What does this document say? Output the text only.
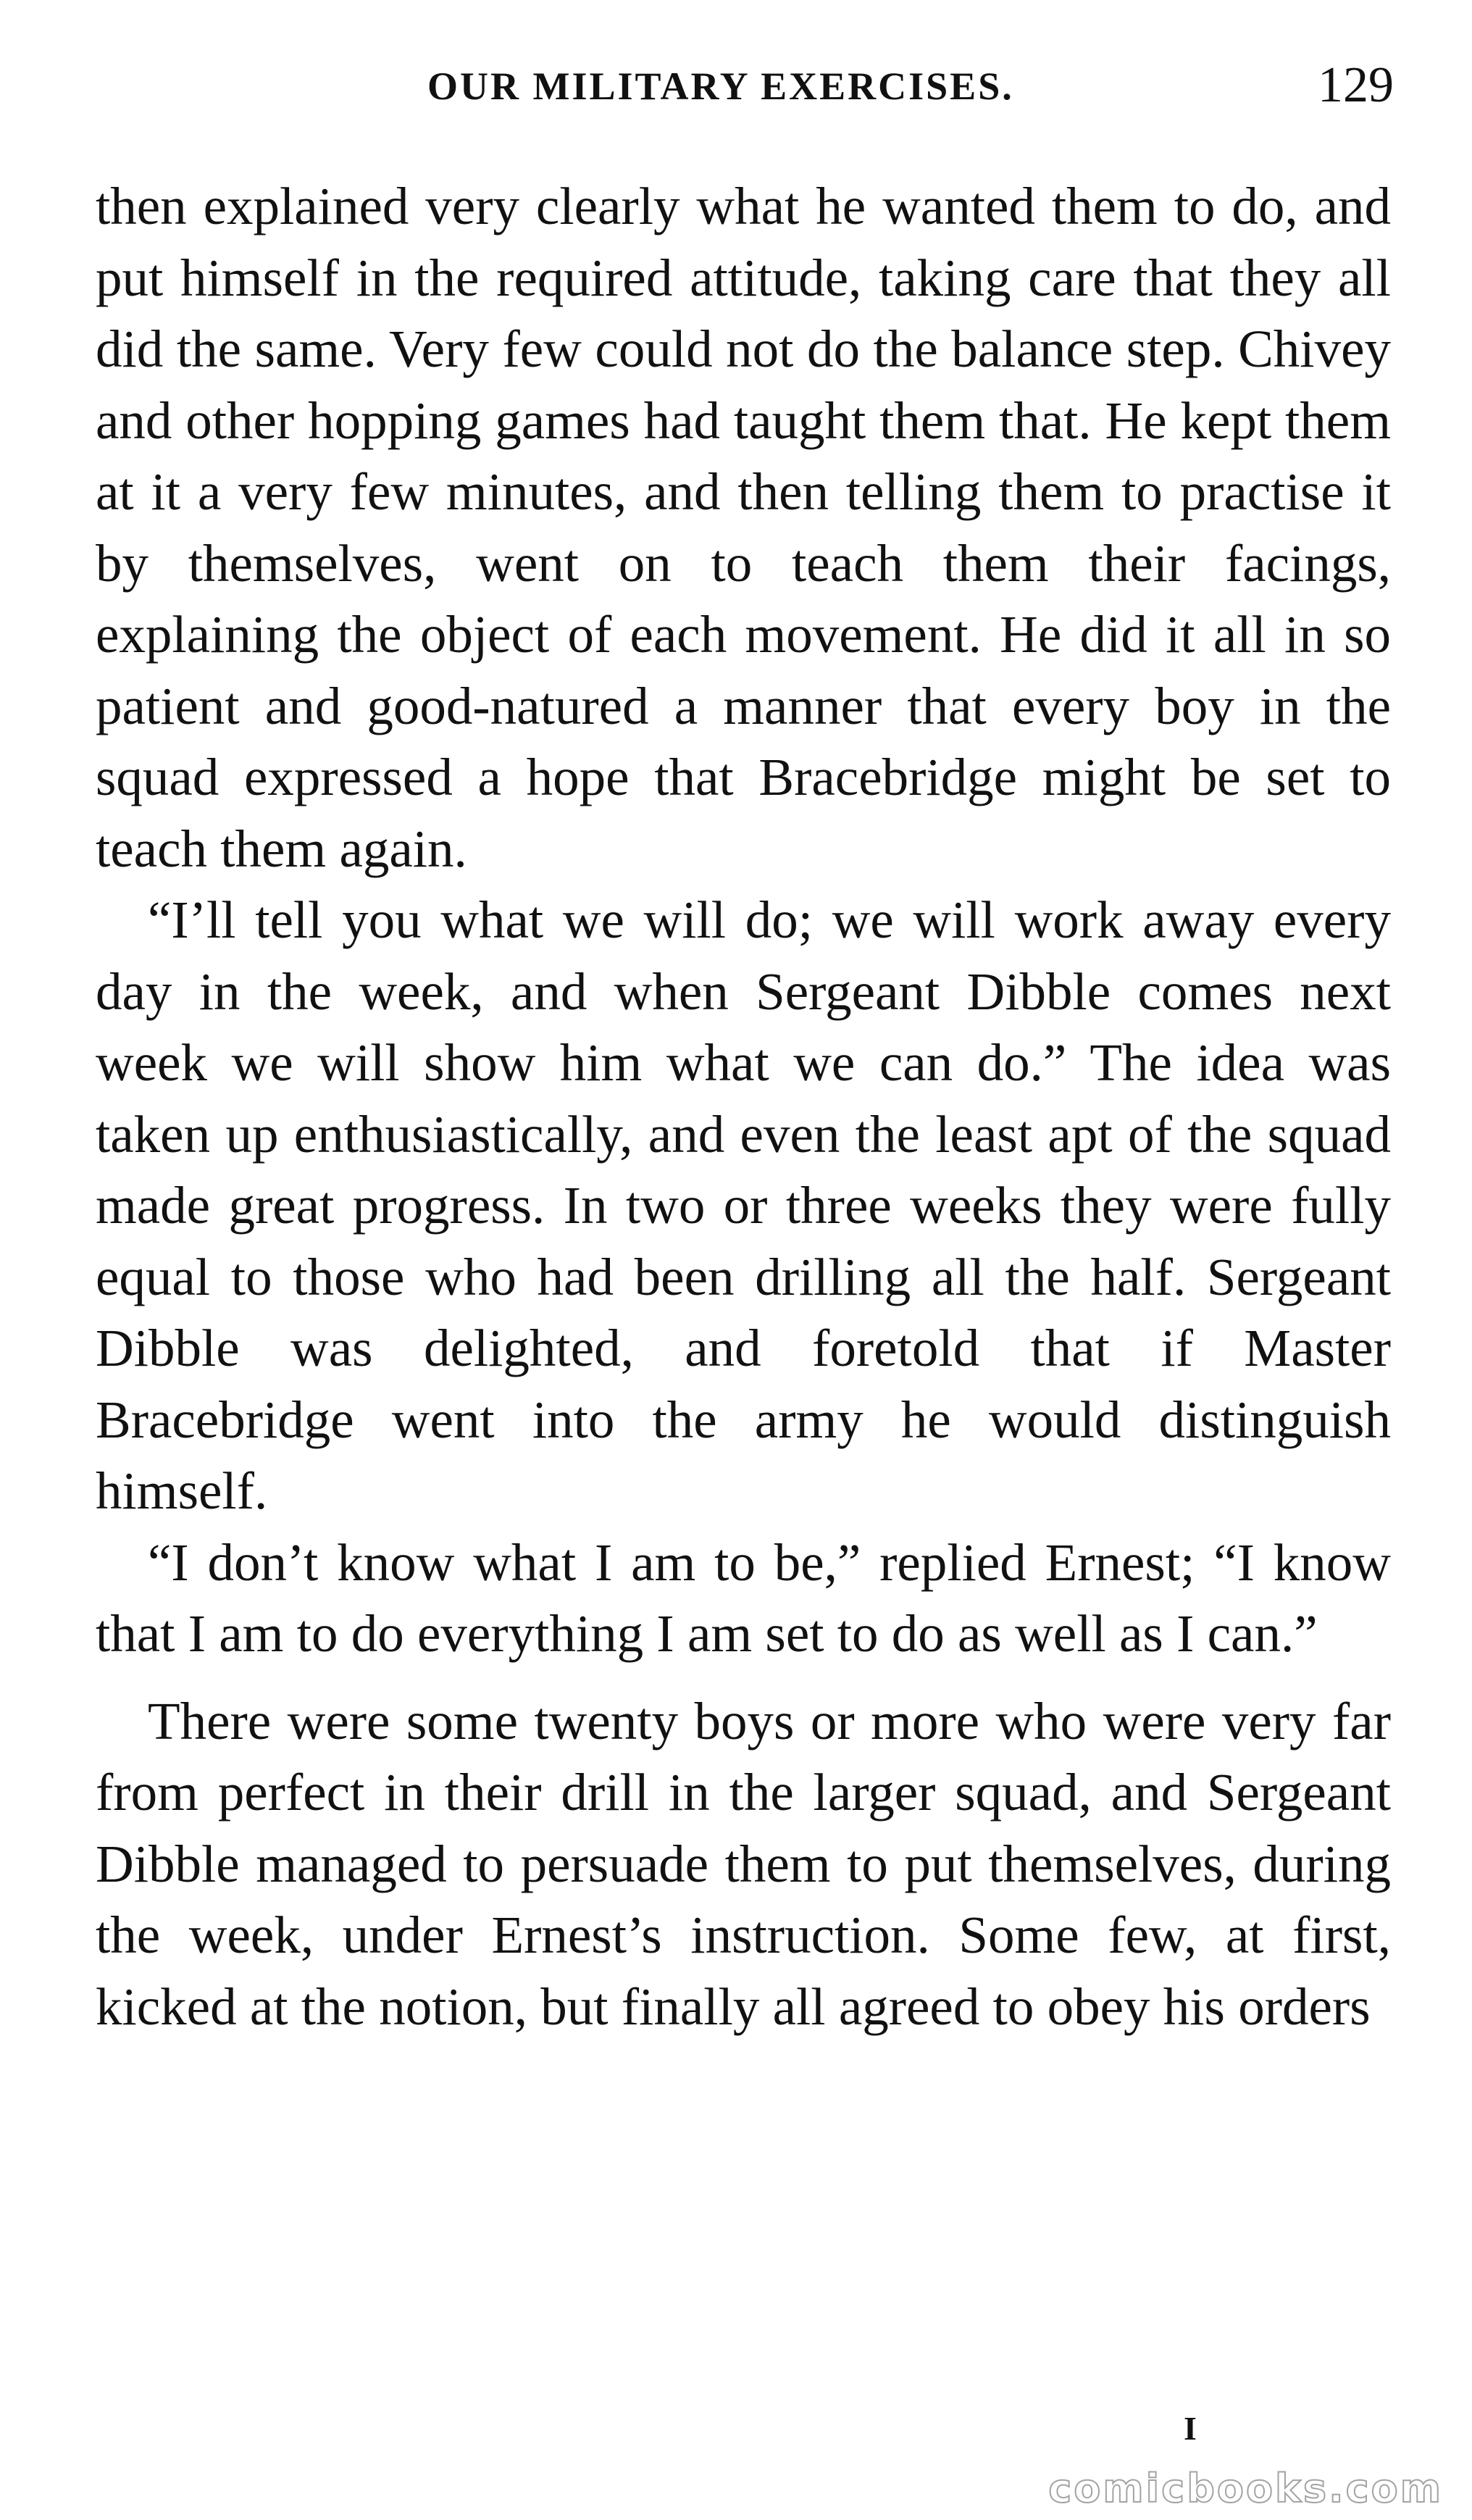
OUR MILITARY EXERCISES.	129

then explained very clearly what he wanted them to do, and put himself in the required attitude, taking care that they all did the same. Very few could not do the balance step. Chivey and other hopping games had taught them that. He kept them at it a very few minutes, and then telling them to practise it by themselves, went on to teach them their facings, explaining the object of each movement. He did it all in so patient and good-natured a manner that every boy in the squad expressed a hope that Bracebridge might be set to teach them again.

“I’ll tell you what we will do; we will work away every day in the week, and when Sergeant Dibble comes next week we will show him what we can do.” The idea was taken up enthusiastically, and even the least apt of the squad made great progress. In two or three weeks they were fully equal to those who had been drilling all the half. Sergeant Dibble was delighted, and foretold that if Master Bracebridge went into the army he would distinguish himself.

“I don’t know what I am to be,” replied Ernest; “I know that I am to do everything I am set to do as well as I can.”

There were some twenty boys or more who were very far from perfect in their drill in the larger squad, and Sergeant Dibble managed to persuade them to put themselves, during the week, under Ernest’s instruction. Some few, at first, kicked at the notion, but finally all agreed to obey his orders

I
comicbooks.com
